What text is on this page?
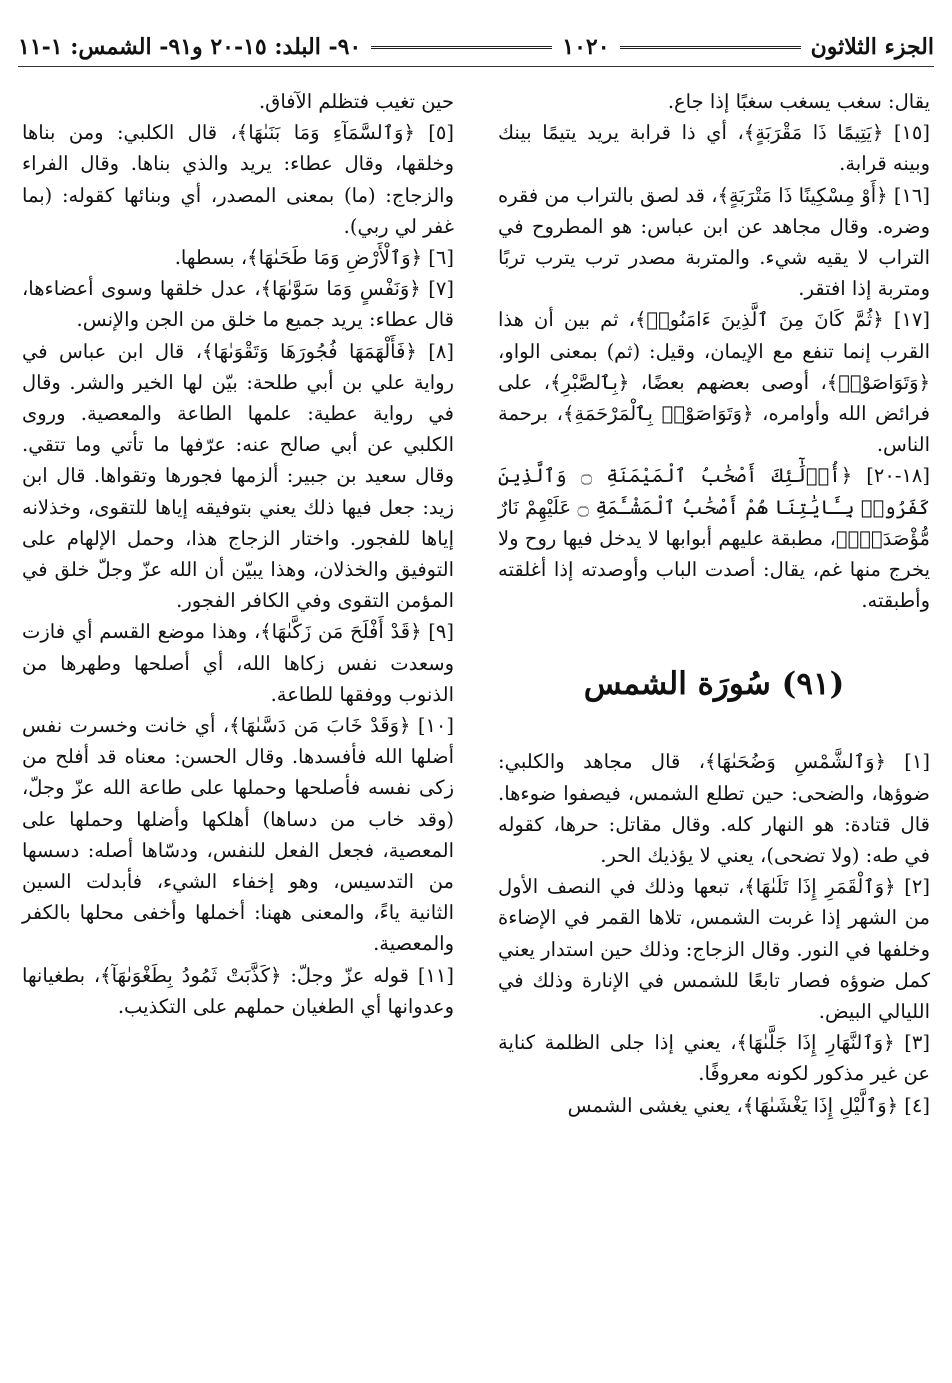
الجزء الثلاثون
١٠٢٠
٩٠- البلد: ١٥-٢٠ و٩١- الشمس: ١-١١

يقال: سغب يسغب سغبًا إذا جاع.

[١٥] ﴿يَتِيمًا ذَا مَقْرَبَةٍ﴾، أي ذا قرابة يريد يتيمًا بينك وبينه قرابة.

[١٦] ﴿أَوْ مِسْكِينًا ذَا مَتْرَبَةٍ﴾، قد لصق بالتراب من فقره وضره. وقال مجاهد عن ابن عباس: هو المطروح في التراب لا يقيه شيء. والمتربة مصدر ترب يترب تربًا ومتربة إذا افتقر.

[١٧] ﴿ثُمَّ كَانَ مِنَ ٱلَّذِينَ ءَامَنُوا۟﴾، ثم بين أن هذا القرب إنما تنفع مع الإيمان، وقيل: (ثم) بمعنى الواو، ﴿وَتَوَاصَوْا۟﴾، أوصى بعضهم بعضًا، ﴿بِٱلصَّبْرِ﴾، على فرائض الله وأوامره، ﴿وَتَوَاصَوْا۟ بِٱلْمَرْحَمَةِ﴾، برحمة الناس.

[١٨-٢٠] ﴿أُو۟لَٰٓئِكَ أَصْحَٰبُ ٱلْمَيْمَنَةِ ۝ وَٱلَّذِينَ كَفَرُوا۟ بِـَٔايَٰتِنَا هُمْ أَصْحَٰبُ ٱلْمَشْـَٔمَةِ ۝ عَلَيْهِمْ نَارٌ مُّؤْصَدَةٌۢ﴾، مطبقة عليهم أبوابها لا يدخل فيها روح ولا يخرج منها غم، يقال: أصدت الباب وأوصدته إذا أغلقته وأطبقته.

(٩١) سُورَة الشمس

[١] ﴿وَٱلشَّمْسِ وَضُحَىٰهَا﴾، قال مجاهد والكلبي: ضوؤها، والضحى: حين تطلع الشمس، فيصفوا ضوءها. قال قتادة: هو النهار كله. وقال مقاتل: حرها، كقوله في طه: (ولا تضحى)، يعني لا يؤذيك الحر.

[٢] ﴿وَٱلْقَمَرِ إِذَا تَلَىٰهَا﴾، تبعها وذلك في النصف الأول من الشهر إذا غربت الشمس، تلاها القمر في الإضاءة وخلفها في النور. وقال الزجاج: وذلك حين استدار يعني كمل ضوؤه فصار تابعًا للشمس في الإنارة وذلك في الليالي البيض.

[٣] ﴿وَٱلنَّهَارِ إِذَا جَلَّىٰهَا﴾، يعني إذا جلى الظلمة كناية عن غير مذكور لكونه معروفًا.

[٤] ﴿وَٱلَّيْلِ إِذَا يَغْشَىٰهَا﴾، يعني يغشى الشمس

حين تغيب فتظلم الآفاق.

[٥] ﴿وَٱلسَّمَآءِ وَمَا بَنَىٰهَا﴾، قال الكلبي: ومن بناها وخلقها، وقال عطاء: يريد والذي بناها. وقال الفراء والزجاج: (ما) بمعنى المصدر، أي وبنائها كقوله: (بما غفر لي ربي).

[٦] ﴿وَٱلْأَرْضِ وَمَا طَحَىٰهَا﴾، بسطها.

[٧] ﴿وَنَفْسٍ وَمَا سَوَّىٰهَا﴾، عدل خلقها وسوى أعضاءها، قال عطاء: يريد جميع ما خلق من الجن والإنس.

[٨] ﴿فَأَلْهَمَهَا فُجُورَهَا وَتَقْوَىٰهَا﴾، قال ابن عباس في رواية علي بن أبي طلحة: بيّن لها الخير والشر. وقال في رواية عطية: علمها الطاعة والمعصية. وروى الكلبي عن أبي صالح عنه: عرّفها ما تأتي وما تتقي. وقال سعيد بن جبير: ألزمها فجورها وتقواها. قال ابن زيد: جعل فيها ذلك يعني بتوفيقه إياها للتقوى، وخذلانه إياها للفجور. واختار الزجاج هذا، وحمل الإلهام على التوفيق والخذلان، وهذا يبيّن أن الله عزّ وجلّ خلق في المؤمن التقوى وفي الكافر الفجور.

[٩] ﴿قَدْ أَفْلَحَ مَن زَكَّىٰهَا﴾، وهذا موضع القسم أي فازت وسعدت نفس زكاها الله، أي أصلحها وطهرها من الذنوب ووفقها للطاعة.

[١٠] ﴿وَقَدْ خَابَ مَن دَسَّىٰهَا﴾، أي خانت وخسرت نفس أضلها الله فأفسدها. وقال الحسن: معناه قد أفلح من زكى نفسه فأصلحها وحملها على طاعة الله عزّ وجلّ، (وقد خاب من دساها) أهلكها وأضلها وحملها على المعصية، فجعل الفعل للنفس، ودسّاها أصله: دسسها من التدسيس، وهو إخفاء الشيء، فأبدلت السين الثانية ياءً، والمعنى ههنا: أخملها وأخفى محلها بالكفر والمعصية.

[١١] قوله عزّ وجلّ: ﴿كَذَّبَتْ ثَمُودُ بِطَغْوَىٰهَآ﴾، بطغيانها وعدوانها أي الطغيان حملهم على التكذيب.
